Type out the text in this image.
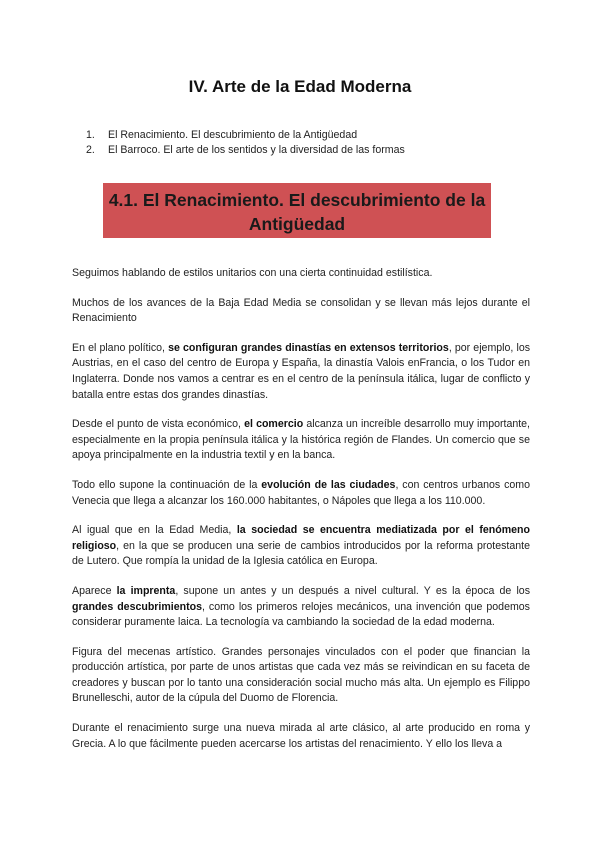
IV. Arte de la Edad Moderna
1. El Renacimiento. El descubrimiento de la Antigüedad
2. El Barroco. El arte de los sentidos y la diversidad de las formas
4.1. El Renacimiento. El descubrimiento de la
Antigüedad

Seguimos hablando de estilos unitarios con una cierta continuidad estilística.

Muchos de los avances de la Baja Edad Media se consolidan y se llevan más lejos durante el Renacimiento

En el plano político, se configuran grandes dinastías en extensos territorios, por ejemplo, los Austrias, en el caso del centro de Europa y España, la dinastía Valois enFrancia, o los Tudor en Inglaterra. Donde nos vamos a centrar es en el centro de la península itálica, lugar de conflicto y batalla entre estas dos grandes dinastías.

Desde el punto de vista económico, el comercio alcanza un increíble desarrollo muy importante, especialmente en la propia península itálica y la histórica región de Flandes. Un comercio que se apoya principalmente en la industria textil y en la banca.

Todo ello supone la continuación de la evolución de las ciudades, con centros urbanos como Venecia que llega a alcanzar los 160.000 habitantes, o Nápoles que llega a los 110.000.

Al igual que en la Edad Media, la sociedad se encuentra mediatizada por el fenómeno religioso, en la que se producen una serie de cambios introducidos por la reforma protestante de Lutero. Que rompía la unidad de la Iglesia católica en Europa.

Aparece la imprenta, supone un antes y un después a nivel cultural. Y es la época de los grandes descubrimientos, como los primeros relojes mecánicos, una invención que podemos considerar puramente laica. La tecnología va cambiando la sociedad de la edad moderna.

Figura del mecenas artístico. Grandes personajes vinculados con el poder que financian la producción artística, por parte de unos artistas que cada vez más se reivindican en su faceta de creadores y buscan por lo tanto una consideración social mucho más alta. Un ejemplo es Filippo Brunelleschi, autor de la cúpula del Duomo de Florencia.

Durante el renacimiento surge una nueva mirada al arte clásico, al arte producido en roma y Grecia. A lo que fácilmente pueden acercarse los artistas del renacimiento. Y ello los lleva a
